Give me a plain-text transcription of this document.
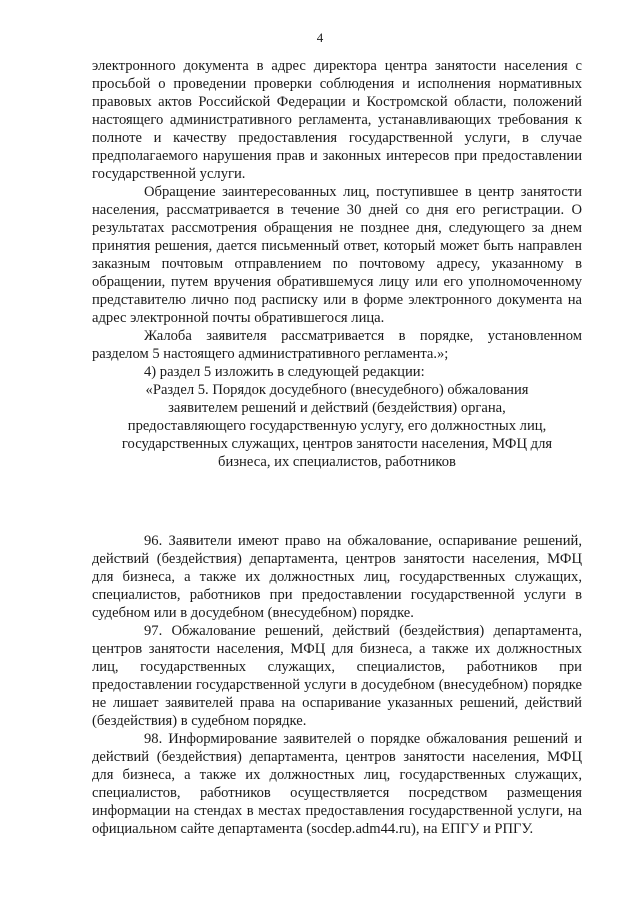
4

электронного документа в адрес директора центра занятости населения с просьбой о проведении проверки соблюдения и исполнения нормативных правовых актов Российской Федерации и Костромской области, положений настоящего административного регламента, устанавливающих требования к полноте и качеству предоставления государственной услуги, в случае предполагаемого нарушения прав и законных интересов при предоставлении государственной услуги.

Обращение заинтересованных лиц, поступившее в центр занятости населения, рассматривается в течение 30 дней со дня его регистрации. О результатах рассмотрения обращения не позднее дня, следующего за днем принятия решения, дается письменный ответ, который может быть направлен заказным почтовым отправлением по почтовому адресу, указанному в обращении, путем вручения обратившемуся лицу или его уполномоченному представителю лично под расписку или в форме электронного документа на адрес электронной почты обратившегося лица.

Жалоба заявителя рассматривается в порядке, установленном разделом 5 настоящего административного регламента.»;

4) раздел 5 изложить в следующей редакции:

«Раздел 5. Порядок досудебного (внесудебного) обжалования

заявителем решений и действий (бездействия) органа,

предоставляющего государственную услугу, его должностных лиц,

государственных служащих, центров занятости населения, МФЦ для

бизнеса, их специалистов, работников

96. Заявители имеют право на обжалование, оспаривание решений, действий (бездействия) департамента, центров занятости населения, МФЦ для бизнеса, а также их должностных лиц, государственных служащих, специалистов, работников при предоставлении государственной услуги в судебном или в досудебном (внесудебном) порядке.

97. Обжалование решений, действий (бездействия) департамента, центров занятости населения, МФЦ для бизнеса, а также их должностных лиц, государственных служащих, специалистов, работников при предоставлении государственной услуги в досудебном (внесудебном) порядке не лишает заявителей права на оспаривание указанных решений, действий (бездействия) в судебном порядке.

98. Информирование заявителей о порядке обжалования решений и действий (бездействия) департамента, центров занятости населения, МФЦ для бизнеса, а также их должностных лиц, государственных служащих, специалистов, работников осуществляется посредством размещения информации на стендах в местах предоставления государственной услуги, на официальном сайте департамента (socdep.adm44.ru), на ЕПГУ и РПГУ.
